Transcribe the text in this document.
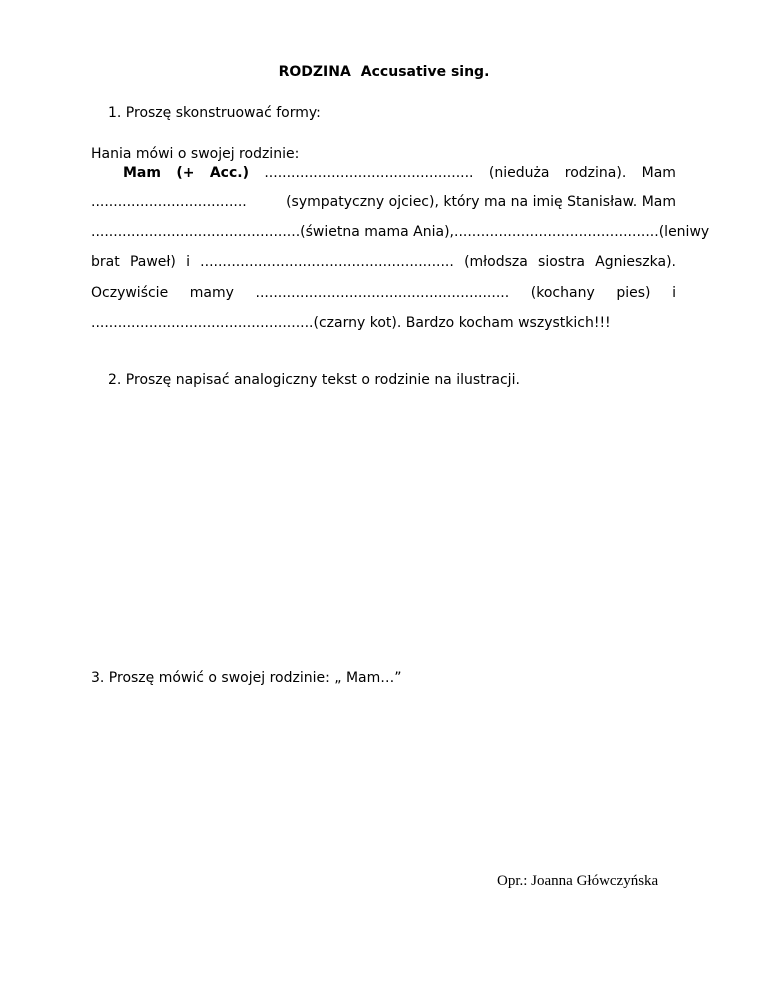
RODZINA Accusative sing.
1. Proszę skonstruować formy:
Hania mówi o swojej rodzinie:
Mam (+ Acc.) ............................................... (nieduża rodzina). Mam
...................................	(sympatyczny ojciec), który ma na imię Stanisław. Mam
............................................... (świetna mama Ania), .............................................. (leniwy
brat Paweł) i ......................................................... (młodsza siostra Agnieszka).
Oczywiście mamy ......................................................... (kochany pies) i
..................................................(czarny kot). Bardzo kocham wszystkich!!!
2. Proszę napisać analogiczny tekst o rodzinie na ilustracji.
3. Proszę mówić o swojej rodzinie: „ Mam…”
Opr.: Joanna Główczyńska
